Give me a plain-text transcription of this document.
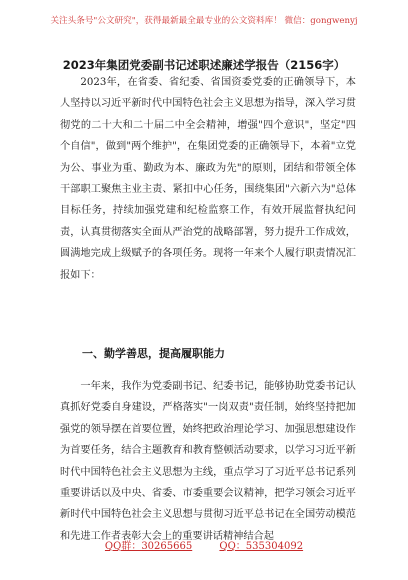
关注头条号"公文研究"，获得最新最全最专业的公文资料库！ 微信：gongwenyj
2023年集团党委副书记述职述廉述学报告（2156字）

2023年，在省委、省纪委、省国资委党委的正确领导下，本人坚持以习近平新时代中国特色社会主义思想为指导，深入学习贯彻党的二十大和二十届二中全会精神，增强"四个意识"，坚定"四个自信"，做到"两个维护"，在集团党委的正确领导下，本着"立党为公、事业为重、勤政为本、廉政为先"的原则，团结和带领全体干部职工聚焦主业主责、紧扣中心任务，围绕集团"六新六为"总体目标任务，持续加强党建和纪检监察工作，有效开展监督执纪问责，认真贯彻落实全面从严治党的战略部署，努力提升工作成效，圆满地完成上级赋予的各项任务。现将一年来个人履行职责情况汇报如下：

一、勤学善思，提高履职能力

一年来，我作为党委副书记、纪委书记，能够协助党委书记认真抓好党委自身建设，严格落实"一岗双责"责任制，始终坚持把加强党的领导摆在首要位置，始终把政治理论学习、加强思想建设作为首要任务，结合主题教育和教育整顿活动要求，以学习习近平新时代中国特色社会主义思想为主线，重点学习了习近平总书记系列重要讲话以及中央、省委、市委重要会议精神，把学习领会习近平新时代中国特色社会主义思想与贯彻习近平总书记在全国劳动模范和先进工作者表彰大会上的重要讲话精神结合起

QQ群：30265665	QQ：535304092
